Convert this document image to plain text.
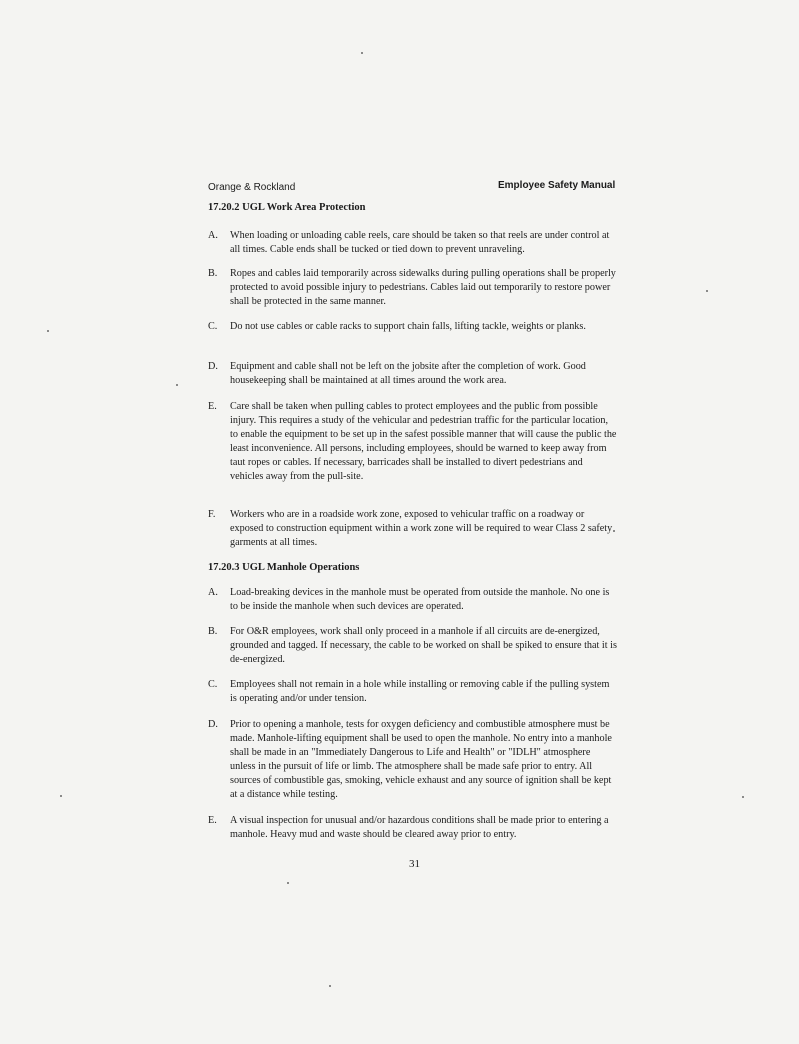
Orange & Rockland	Employee Safety Manual
17.20.2 UGL Work Area Protection
A.	When loading or unloading cable reels, care should be taken so that reels are under control at all times. Cable ends shall be tucked or tied down to prevent unraveling.
B.	Ropes and cables laid temporarily across sidewalks during pulling operations shall be properly protected to avoid possible injury to pedestrians. Cables laid out temporarily to restore power shall be protected in the same manner.
C.	Do not use cables or cable racks to support chain falls, lifting tackle, weights or planks.
D.	Equipment and cable shall not be left on the jobsite after the completion of work. Good housekeeping shall be maintained at all times around the work area.
E.	Care shall be taken when pulling cables to protect employees and the public from possible injury. This requires a study of the vehicular and pedestrian traffic for the particular location, to enable the equipment to be set up in the safest possible manner that will cause the public the least inconvenience. All persons, including employees, should be warned to keep away from taut ropes or cables. If necessary, barricades shall be installed to divert pedestrians and vehicles away from the pull-site.
F.	Workers who are in a roadside work zone, exposed to vehicular traffic on a roadway or exposed to construction equipment within a work zone will be required to wear Class 2 safety garments at all times.
17.20.3 UGL Manhole Operations
A.	Load-breaking devices in the manhole must be operated from outside the manhole. No one is to be inside the manhole when such devices are operated.
B.	For O&R employees, work shall only proceed in a manhole if all circuits are de-energized, grounded and tagged. If necessary, the cable to be worked on shall be spiked to ensure that it is de-energized.
C.	Employees shall not remain in a hole while installing or removing cable if the pulling system is operating and/or under tension.
D.	Prior to opening a manhole, tests for oxygen deficiency and combustible atmosphere must be made. Manhole-lifting equipment shall be used to open the manhole. No entry into a manhole shall be made in an "Immediately Dangerous to Life and Health" or "IDLH" atmosphere unless in the pursuit of life or limb. The atmosphere shall be made safe prior to entry. All sources of combustible gas, smoking, vehicle exhaust and any source of ignition shall be kept at a distance while testing.
E.	A visual inspection for unusual and/or hazardous conditions shall be made prior to entering a manhole. Heavy mud and waste should be cleared away prior to entry.
31
